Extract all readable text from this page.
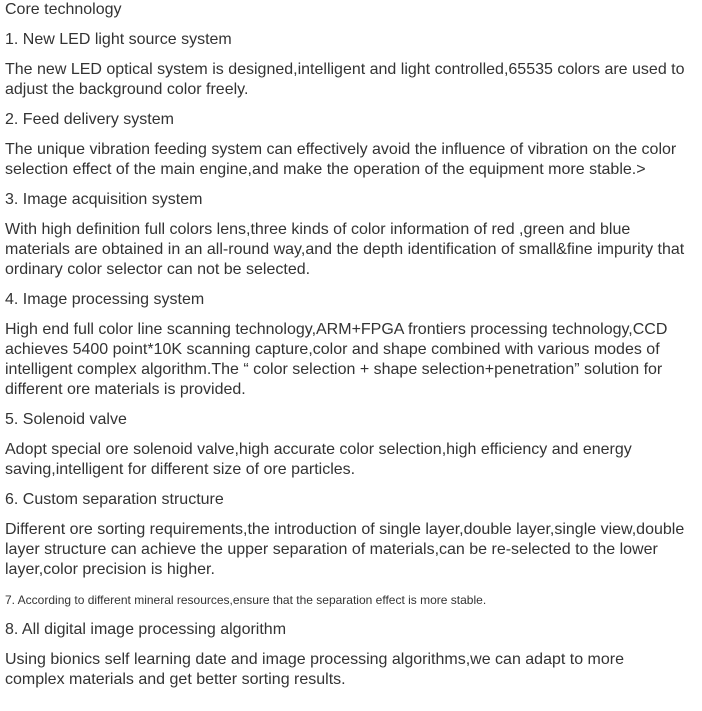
Core technology
1. New LED light source system
The new LED optical system is designed,intelligent and light controlled,65535 colors are used to adjust the background color freely.
2. Feed delivery system
The unique vibration feeding system can effectively avoid the influence of vibration on the color selection effect of the main engine,and make the operation of the equipment more stable.>
3. Image acquisition system
With high definition full colors lens,three kinds of color information of red ,green and blue materials are obtained in an all-round way,and the depth identification of small&fine impurity that ordinary color selector can not be selected.
4. Image processing system
High end full color line scanning technology,ARM+FPGA frontiers processing technology,CCD achieves 5400 point*10K scanning capture,color and shape combined with various modes of intelligent complex algorithm.The “ color selection + shape selection+penetration” solution for different ore materials is provided.
5. Solenoid valve
Adopt special ore solenoid valve,high accurate color selection,high efficiency and energy saving,intelligent for different size of ore particles.
6. Custom separation structure
Different ore sorting requirements,the introduction of single layer,double layer,single view,double layer structure can achieve the upper separation of materials,can be re-selected to the lower layer,color precision is higher.
7. According to different mineral resources,ensure that the separation effect is more stable.
8. All digital image processing algorithm
Using bionics self learning date and image processing algorithms,we can adapt to more complex materials and get better sorting results.
